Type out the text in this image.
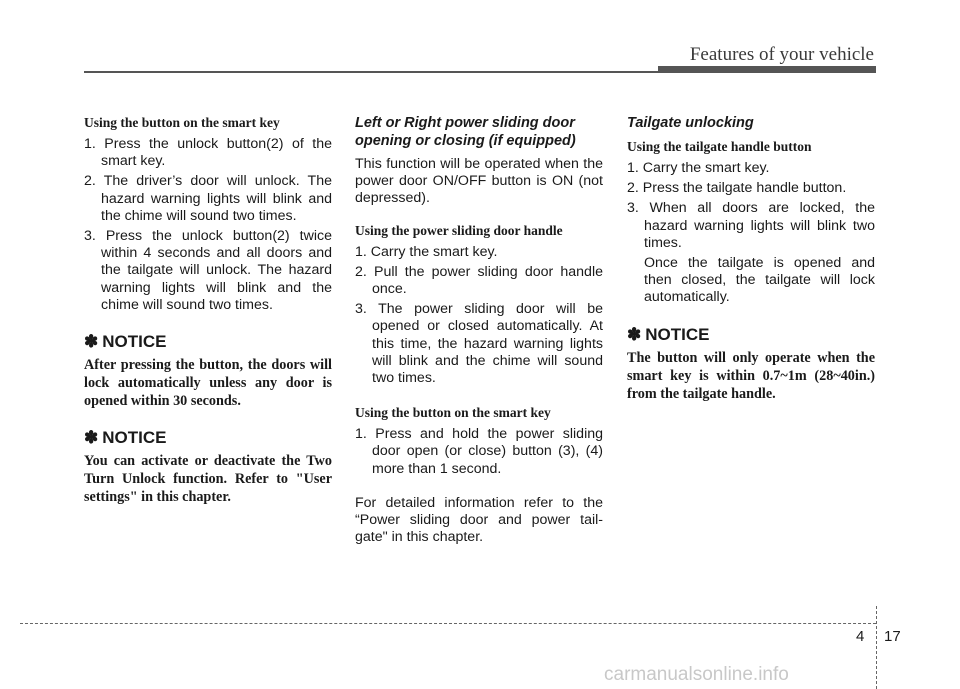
Features of your vehicle

Using the button on the smart key

1. Press the unlock button(2) of the smart key.
2. The driver’s door will unlock. The hazard warning lights will blink and the chime will sound two times.
3. Press the unlock button(2) twice within 4 seconds and all doors and the tailgate will unlock. The hazard warning lights will blink and the chime will sound two times.
✽ NOTICE

After pressing the button, the doors will lock automatically unless any door is opened within 30 seconds.

✽ NOTICE

You can activate or deactivate the Two Turn Unlock function. Refer to "User settings" in this chapter.

Left or Right power sliding door
opening or closing (if equipped)

This function will be operated when the power door ON/OFF button is ON (not depressed).

Using the power sliding door handle

1. Carry the smart key.
2. Pull the power sliding door handle once.
3. The power sliding door will be opened or closed automatically. At this time, the hazard warning lights will blink and the chime will sound two times.

Using the button on the smart key

1. Press and hold the power sliding door open (or close) button (3), (4) more than 1 second.

For detailed information refer to the “Power sliding door and power tail-gate" in this chapter.

Tailgate unlocking

Using the tailgate handle button

1. Carry the smart key.
2. Press the tailgate handle button.
3. When all doors are locked, the hazard warning lights will blink two times.

Once the tailgate is opened and then closed, the tailgate will lock automatically.

✽ NOTICE

The button will only operate when the smart key is within 0.7~1m (28~40in.) from the tailgate handle.

4 17
carmanualsonline.info
